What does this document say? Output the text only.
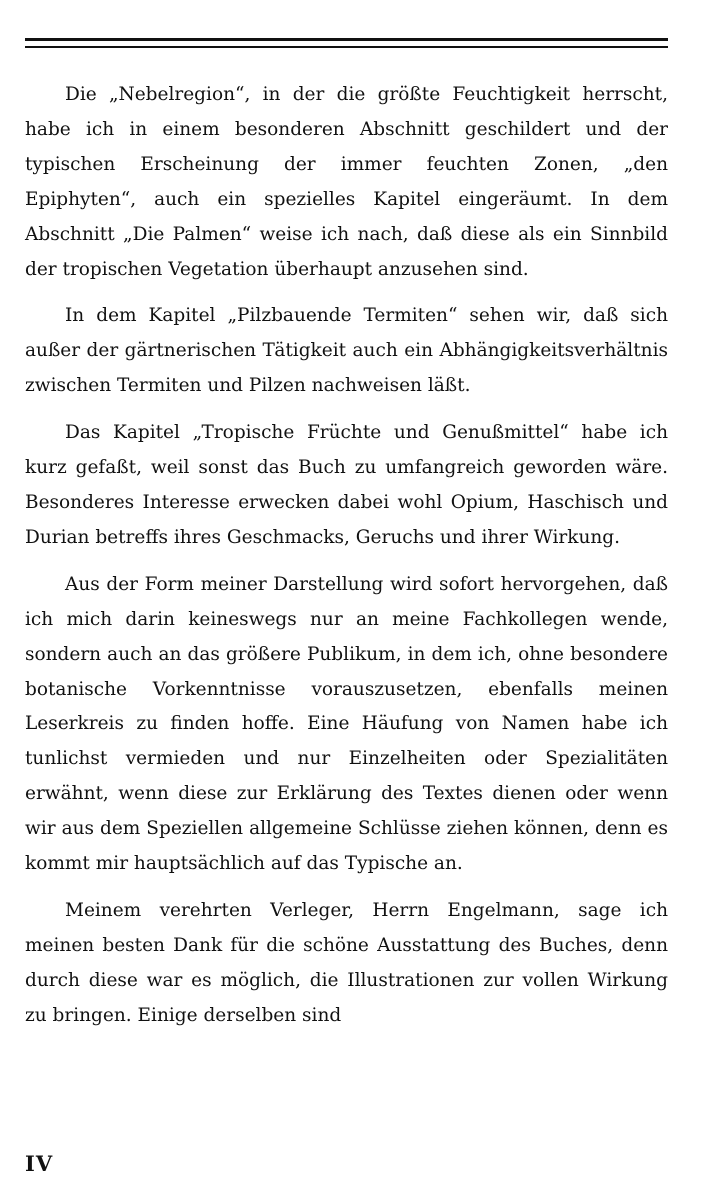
Die „Nebelregion“, in der die größte Feuchtigkeit herrscht, habe ich in einem besonderen Abschnitt geschildert und der typischen Erscheinung der immer feuchten Zonen, „den Epiphyten“, auch ein spezielles Kapitel eingeräumt. In dem Abschnitt „Die Palmen“ weise ich nach, daß diese als ein Sinnbild der tropischen Vegetation überhaupt anzusehen sind.

In dem Kapitel „Pilzbauende Termiten“ sehen wir, daß sich außer der gärtnerischen Tätigkeit auch ein Abhängigkeitsverhältnis zwischen Termiten und Pilzen nachweisen läßt.

Das Kapitel „Tropische Früchte und Genußmittel“ habe ich kurz gefaßt, weil sonst das Buch zu umfangreich geworden wäre. Besonderes Interesse erwecken dabei wohl Opium, Haschisch und Durian betreffs ihres Geschmacks, Geruchs und ihrer Wirkung.

Aus der Form meiner Darstellung wird sofort hervorgehen, daß ich mich darin keineswegs nur an meine Fachkollegen wende, sondern auch an das größere Publikum, in dem ich, ohne besondere botanische Vorkenntnisse vorauszusetzen, ebenfalls meinen Leserkreis zu finden hoffe. Eine Häufung von Namen habe ich tunlichst vermieden und nur Einzelheiten oder Spezialitäten erwähnt, wenn diese zur Erklärung des Textes dienen oder wenn wir aus dem Speziellen allgemeine Schlüsse ziehen können, denn es kommt mir hauptsächlich auf das Typische an.

Meinem verehrten Verleger, Herrn Engelmann, sage ich meinen besten Dank für die schöne Ausstattung des Buches, denn durch diese war es möglich, die Illustrationen zur vollen Wirkung zu bringen. Einige derselben sind

IV
